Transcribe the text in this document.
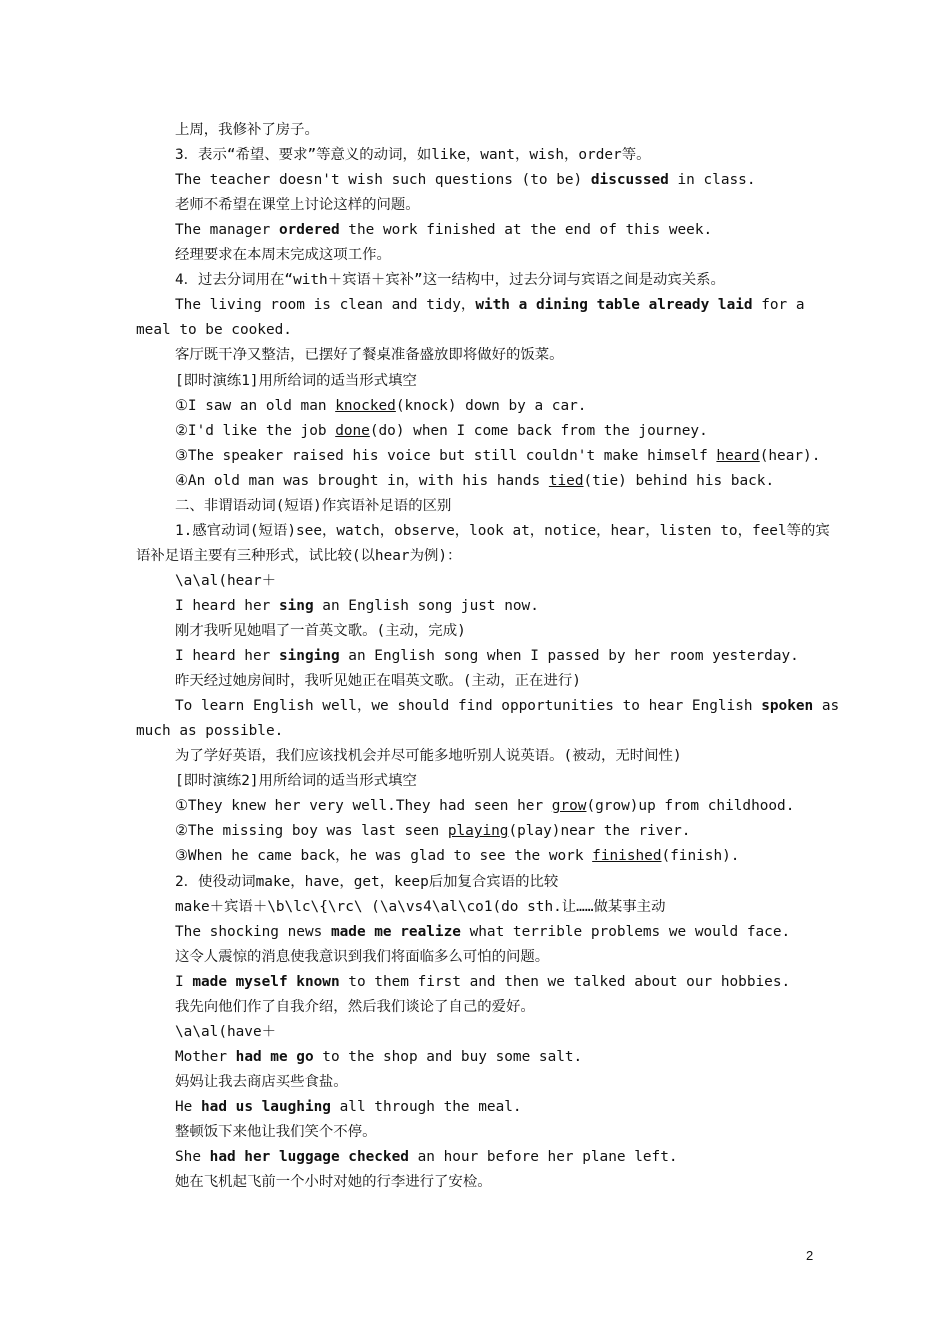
上周，我修补了房子。
3．表示“希望、要求”等意义的动词，如like，want，wish，order等。
The teacher doesn't wish such questions (to be) discussed in class.
老师不希望在课堂上讨论这样的问题。
The manager ordered the work finished at the end of this week.
经理要求在本周末完成这项工作。
4．过去分词用在“with＋宾语＋宾补”这一结构中，过去分词与宾语之间是动宾关系。
The living room is clean and tidy，with a dining table already laid for a
meal to be cooked.
客厅既干净又整洁，已摆好了餐桌准备盛放即将做好的饭菜。
[即时演练1]用所给词的适当形式填空
①I saw an old man knocked(knock) down by a car.
②I'd like the job done(do) when I come back from the journey.
③The speaker raised his voice but still couldn't make himself heard(hear).
④An old man was brought in，with his hands tied(tie) behind his back.
二、非谓语动词(短语)作宾语补足语的区别
1.感官动词(短语)see，watch，observe，look at，notice，hear，listen to，feel等的宾
语补足语主要有三种形式，试比较(以hear为例)：
\a\al(hear＋
I heard her sing an English song just now.
刚才我听见她唱了一首英文歌。(主动，完成)
I heard her singing an English song when I passed by her room yesterday.
昨天经过她房间时，我听见她正在唱英文歌。(主动，正在进行)
To learn English well，we should find opportunities to hear English spoken as
much as possible.
为了学好英语，我们应该找机会并尽可能多地听别人说英语。(被动，无时间性)
[即时演练2]用所给词的适当形式填空
①They knew her very well.They had seen her grow(grow)up from childhood.
②The missing boy was last seen playing(play)near the river.
③When he came back，he was glad to see the work finished(finish).
2．使役动词make，have，get，keep后加复合宾语的比较
make＋宾语＋\b\lc\{\rc\ (\a\vs4\al\co1(do sth.让……做某事主动
The shocking news made me realize what terrible problems we would face.
这令人震惊的消息使我意识到我们将面临多么可怕的问题。
I made myself known to them first and then we talked about our hobbies.
我先向他们作了自我介绍，然后我们谈论了自己的爱好。
\a\al(have＋
Mother had me go to the shop and buy some salt.
妈妈让我去商店买些食盐。
He had us laughing all through the meal.
整顿饭下来他让我们笑个不停。
She had her luggage checked an hour before her plane left.
她在飞机起飞前一个小时对她的行李进行了安检。
2
